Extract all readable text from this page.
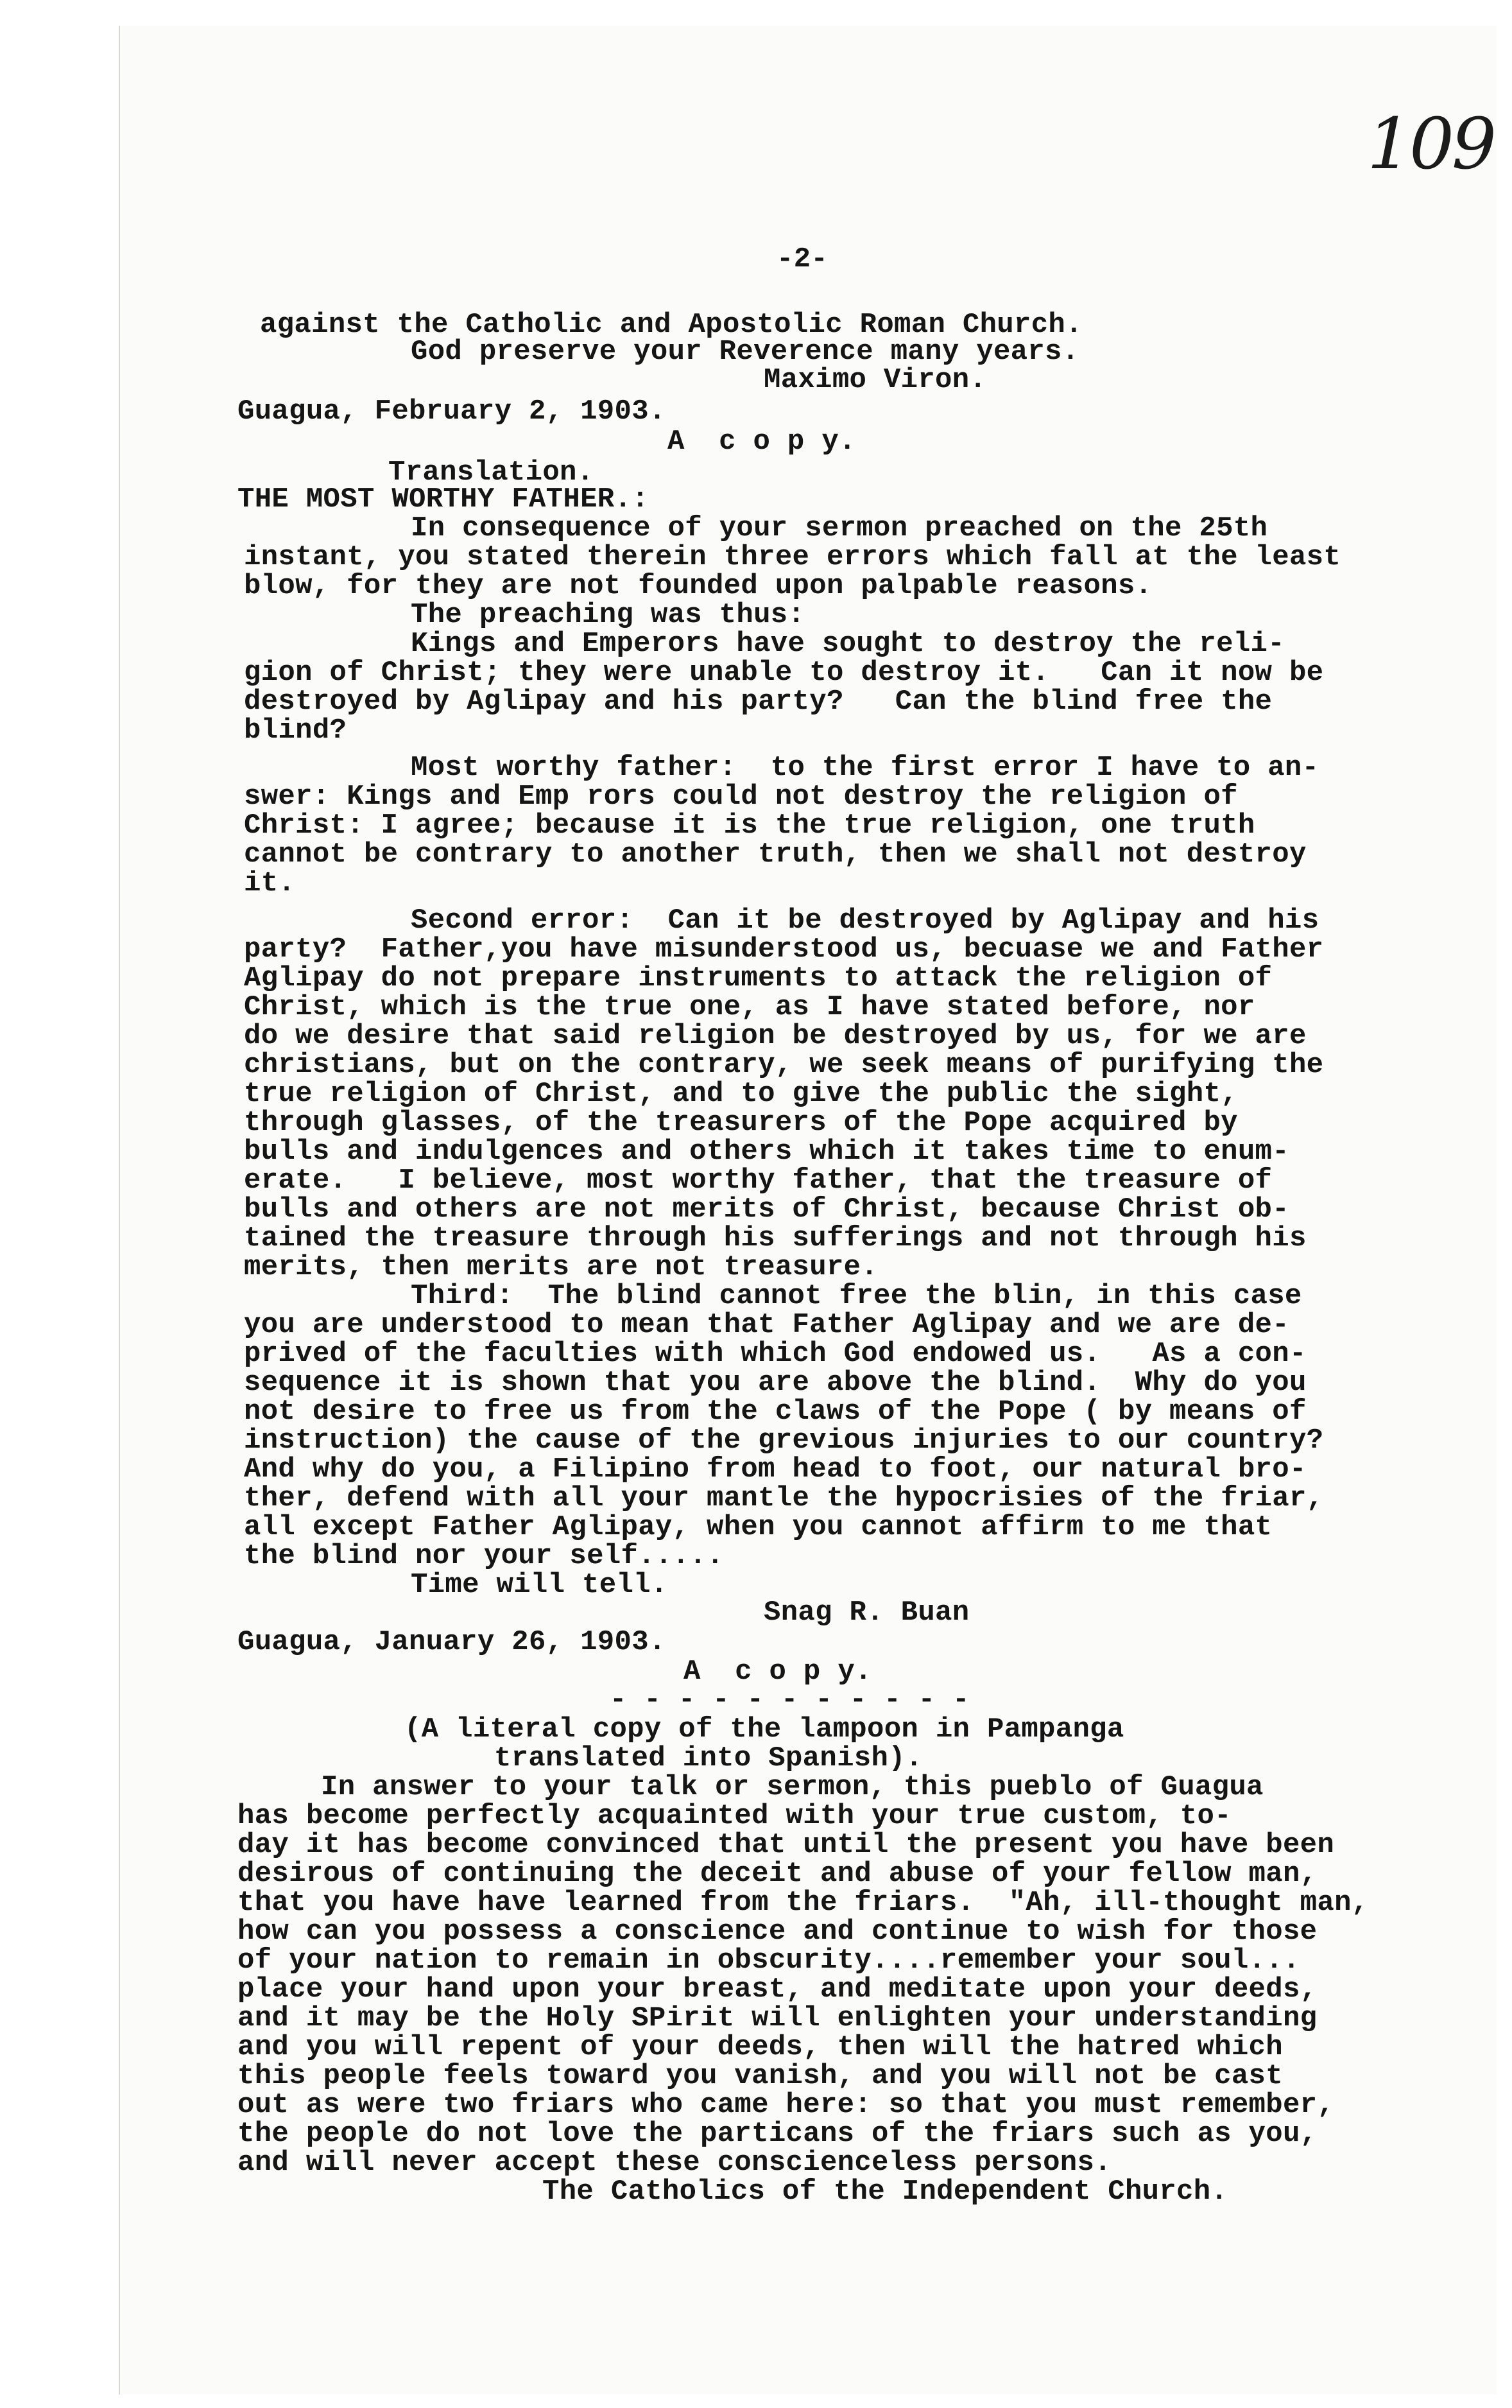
109
-2-
against the Catholic and Apostolic Roman Church.
God preserve your Reverence many years.
Maximo Viron.
Guagua, February 2, 1903.
A  c o p y.
Translation.
THE MOST WORTHY FATHER.:
In consequence of your sermon preached on the 25th
instant, you stated therein three errors which fall at the least
blow, for they are not founded upon palpable reasons.
The preaching was thus:
Kings and Emperors have sought to destroy the reli-
gion of Christ; they were unable to destroy it.   Can it now be
destroyed by Aglipay and his party?   Can the blind free the
blind?
Most worthy father:  to the first error I have to an-
swer: Kings and Emp rors could not destroy the religion of
Christ: I agree; because it is the true religion, one truth
cannot be contrary to another truth, then we shall not destroy
it.
Second error:  Can it be destroyed by Aglipay and his
party?  Father,you have misunderstood us, becuase we and Father
Aglipay do not prepare instruments to attack the religion of
Christ, which is the true one, as I have stated before, nor
do we desire that said religion be destroyed by us, for we are
christians, but on the contrary, we seek means of purifying the
true religion of Christ, and to give the public the sight,
through glasses, of the treasurers of the Pope acquired by
bulls and indulgences and others which it takes time to enum-
erate.   I believe, most worthy father, that the treasure of
bulls and others are not merits of Christ, because Christ ob-
tained the treasure through his sufferings and not through his
merits, then merits are not treasure.
Third:  The blind cannot free the blin, in this case
you are understood to mean that Father Aglipay and we are de-
prived of the faculties with which God endowed us.   As a con-
sequence it is shown that you are above the blind.  Why do you
not desire to free us from the claws of the Pope ( by means of
instruction) the cause of the grevious injuries to our country?
And why do you, a Filipino from head to foot, our natural bro-
ther, defend with all your mantle the hypocrisies of the friar,
all except Father Aglipay, when you cannot affirm to me that
the blind nor your self.....
Time will tell.
Snag R. Buan
Guagua, January 26, 1903.
A  c o p y.
- - - - - - - - - - -
(A literal copy of the lampoon in Pampanga
translated into Spanish).
In answer to your talk or sermon, this pueblo of Guagua
has become perfectly acquainted with your true custom, to-
day it has become convinced that until the present you have been
desirous of continuing the deceit and abuse of your fellow man,
that you have have learned from the friars.  "Ah, ill-thought man,
how can you possess a conscience and continue to wish for those
of your nation to remain in obscurity....remember your soul...
place your hand upon your breast, and meditate upon your deeds,
and it may be the Holy SPirit will enlighten your understanding
and you will repent of your deeds, then will the hatred which
this people feels toward you vanish, and you will not be cast
out as were two friars who came here: so that you must remember,
the people do not love the particans of the friars such as you,
and will never accept these conscienceless persons.
The Catholics of the Independent Church.
